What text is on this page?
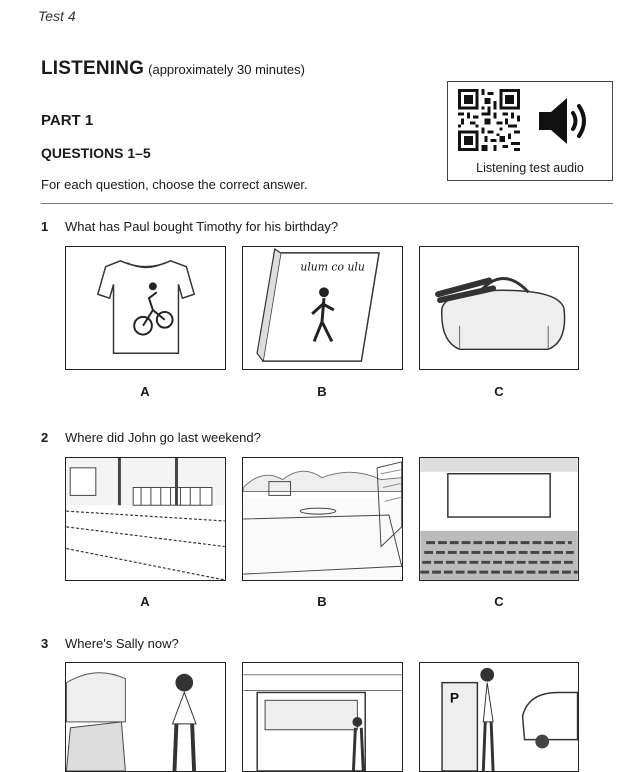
Test 4
LISTENING (approximately 30 minutes)
PART 1
QUESTIONS 1–5
For each question, choose the correct answer.
Listening test audio
1 What has Paul bought Timothy for his birthday?
ulum co ulu
A	B	C
2 Where did John go last weekend?
A	B	C
3 Where's Sally now?
P
